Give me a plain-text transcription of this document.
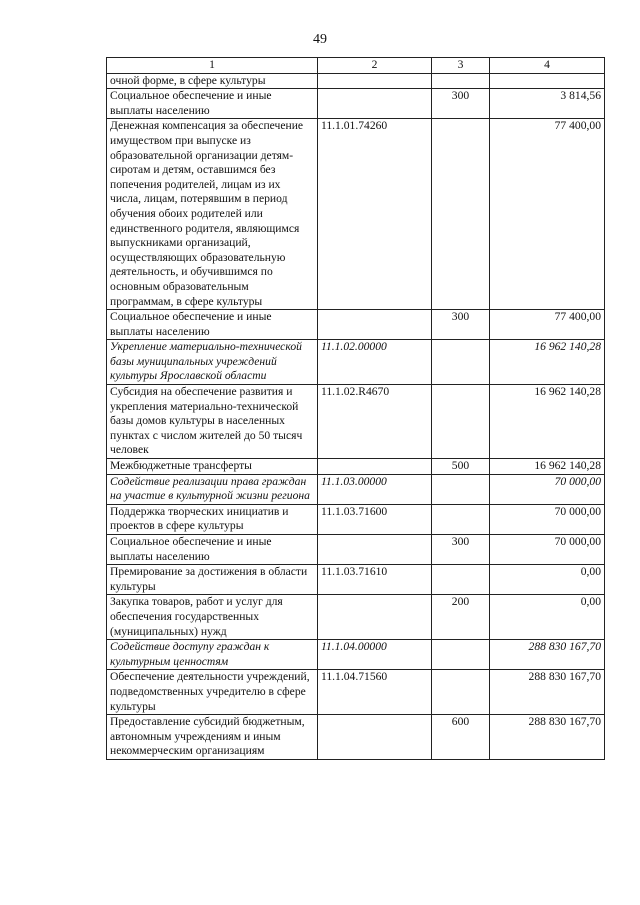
49
1	2	3	4
очной форме, в сфере культуры			
Социальное обеспечение и иные выплаты населению		300	3 814,56
Денежная компенсация за обеспечение имуществом при выпуске из образовательной организации детям-сиротам и детям, оставшимся без попечения родителей, лицам из их числа, лицам, потерявшим в период обучения обоих родителей или единственного родителя, являющимся выпускниками организаций, осуществляющих образовательную деятельность, и обучившимся по основным образовательным программам, в сфере культуры	11.1.01.74260		77 400,00
Социальное обеспечение и иные выплаты населению		300	77 400,00
Укрепление материально-технической базы муниципальных учреждений культуры Ярославской области	11.1.02.00000		16 962 140,28
Субсидия на обеспечение развития и укрепления материально-технической базы домов культуры в населенных пунктах с числом жителей до 50 тысяч человек	11.1.02.R4670		16 962 140,28
Межбюджетные трансферты		500	16 962 140,28
Содействие реализации права граждан на участие в культурной жизни региона	11.1.03.00000		70 000,00
Поддержка творческих инициатив и проектов в сфере культуры	11.1.03.71600		70 000,00
Социальное обеспечение и иные выплаты населению		300	70 000,00
Премирование за достижения в области культуры	11.1.03.71610		0,00
Закупка товаров, работ и услуг для обеспечения государственных (муниципальных) нужд		200	0,00
Содействие доступу граждан к культурным ценностям	11.1.04.00000		288 830 167,70
Обеспечение деятельности учреждений, подведомственных учредителю в сфере культуры	11.1.04.71560		288 830 167,70
Предоставление субсидий бюджетным, автономным учреждениям и иным некоммерческим организациям		600	288 830 167,70
